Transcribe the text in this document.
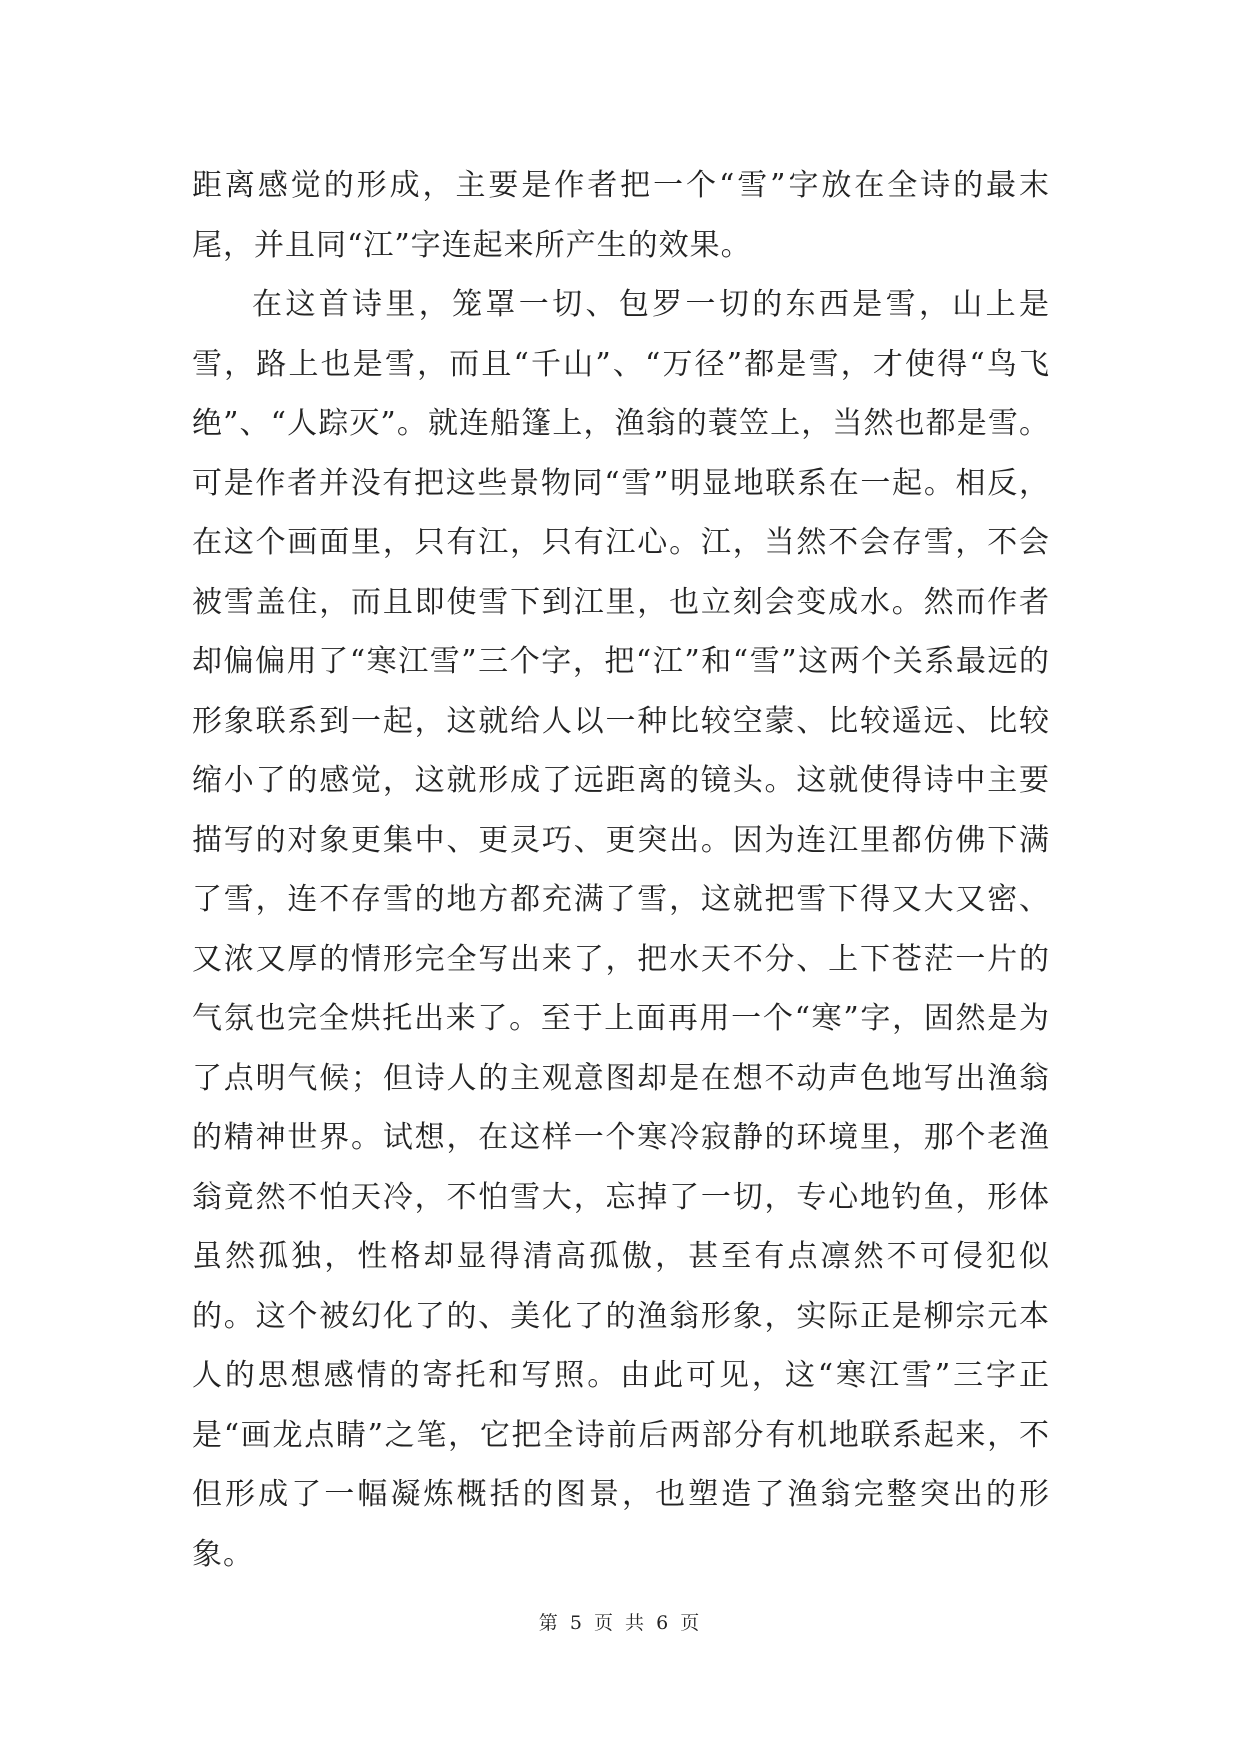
距离感觉的形成，主要是作者把一个“雪”字放在全诗的最末尾，并且同“江”字连起来所产生的效果。

在这首诗里，笼罩一切、包罗一切的东西是雪，山上是雪，路上也是雪，而且“千山”、“万径”都是雪，才使得“鸟飞绝”、“人踪灭”。就连船篷上，渔翁的蓑笠上，当然也都是雪。可是作者并没有把这些景物同“雪”明显地联系在一起。相反，在这个画面里，只有江，只有江心。江，当然不会存雪，不会被雪盖住，而且即使雪下到江里，也立刻会变成水。然而作者却偏偏用了“寒江雪”三个字，把“江”和“雪”这两个关系最远的形象联系到一起，这就给人以一种比较空蒙、比较遥远、比较缩小了的感觉，这就形成了远距离的镜头。这就使得诗中主要描写的对象更集中、更灵巧、更突出。因为连江里都仿佛下满了雪，连不存雪的地方都充满了雪，这就把雪下得又大又密、又浓又厚的情形完全写出来了，把水天不分、上下苍茫一片的气氛也完全烘托出来了。至于上面再用一个“寒”字，固然是为了点明气候；但诗人的主观意图却是在想不动声色地写出渔翁的精神世界。试想，在这样一个寒冷寂静的环境里，那个老渔翁竟然不怕天冷，不怕雪大，忘掉了一切，专心地钓鱼，形体虽然孤独，性格却显得清高孤傲，甚至有点凛然不可侵犯似的。这个被幻化了的、美化了的渔翁形象，实际正是柳宗元本人的思想感情的寄托和写照。由此可见，这“寒江雪”三字正是“画龙点睛”之笔，它把全诗前后两部分有机地联系起来，不但形成了一幅凝炼概括的图景，也塑造了渔翁完整突出的形象。

第 5 页 共 6 页
